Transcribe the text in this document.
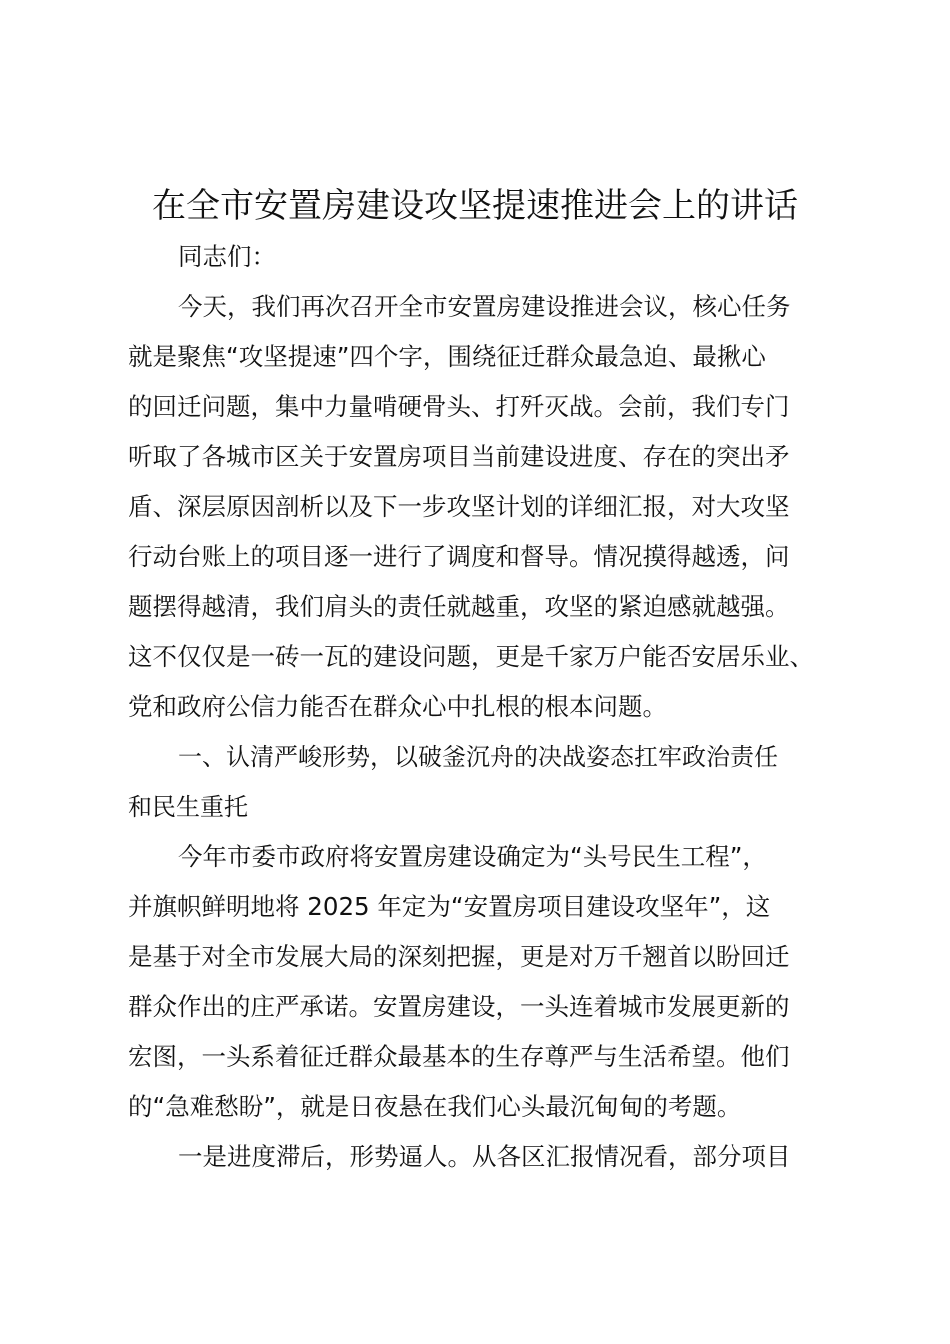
在全市安置房建设攻坚提速推进会上的讲话
同志们：
今天，我们再次召开全市安置房建设推进会议，核心任务
就是聚焦“攻坚提速”四个字，围绕征迁群众最急迫、最揪心
的回迁问题，集中力量啃硬骨头、打歼灭战。会前，我们专门
听取了各城市区关于安置房项目当前建设进度、存在的突出矛
盾、深层原因剖析以及下一步攻坚计划的详细汇报，对大攻坚
行动台账上的项目逐一进行了调度和督导。情况摸得越透，问
题摆得越清，我们肩头的责任就越重，攻坚的紧迫感就越强。
这不仅仅是一砖一瓦的建设问题，更是千家万户能否安居乐业、
党和政府公信力能否在群众心中扎根的根本问题。
一、认清严峻形势，以破釜沉舟的决战姿态扛牢政治责任
和民生重托
今年市委市政府将安置房建设确定为“头号民生工程”，
并旗帜鲜明地将 2025 年定为“安置房项目建设攻坚年”，这
是基于对全市发展大局的深刻把握，更是对万千翘首以盼回迁
群众作出的庄严承诺。安置房建设，一头连着城市发展更新的
宏图，一头系着征迁群众最基本的生存尊严与生活希望。他们
的“急难愁盼”，就是日夜悬在我们心头最沉甸甸的考题。
一是进度滞后，形势逼人。从各区汇报情况看，部分项目
